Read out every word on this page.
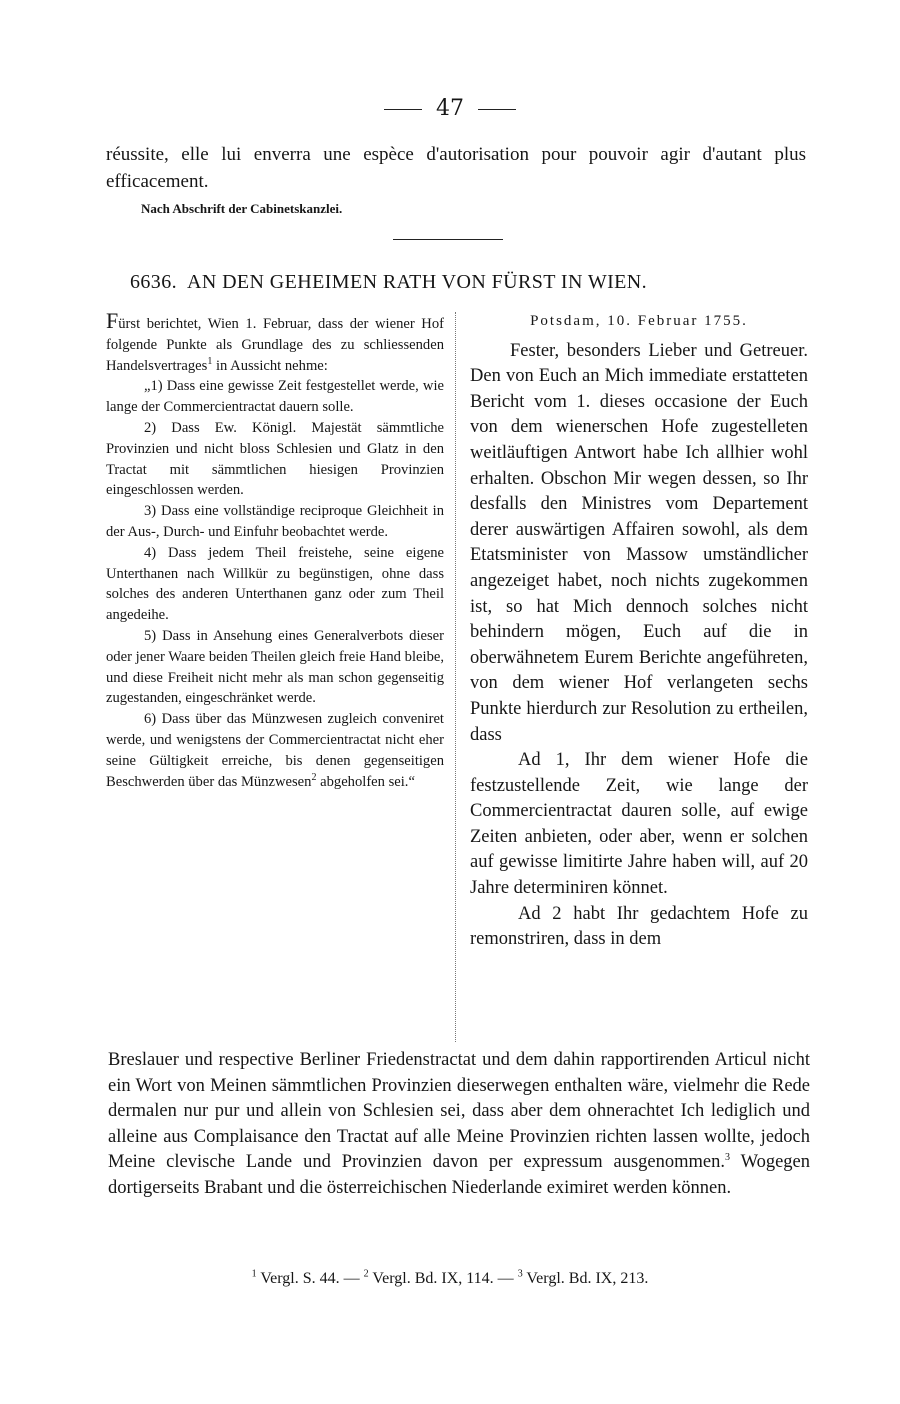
47
réussite, elle lui enverra une espèce d'autorisation pour pouvoir agir d'autant plus efficacement.
Nach Abschrift der Cabinetskanzlei.
6636. AN DEN GEHEIMEN RATH VON FÜRST IN WIEN.

Fürst berichtet, Wien 1. Februar, dass der wiener Hof folgende Punkte als Grundlage des zu schliessenden Handelsvertrages$^1$ in Aussicht nehme:

„1) Dass eine gewisse Zeit festgestellet werde, wie lange der Commercientractat dauern solle.

2) Dass Ew. Königl. Majestät sämmtliche Provinzien und nicht bloss Schlesien und Glatz in den Tractat mit sämmtlichen hiesigen Provinzien eingeschlossen werden.

3) Dass eine vollständige reciproque Gleichheit in der Aus-, Durch- und Einfuhr beobachtet werde.

4) Dass jedem Theil freistehe, seine eigene Unterthanen nach Willkür zu begünstigen, ohne dass solches des anderen Unterthanen ganz oder zum Theil angedeihe.

5) Dass in Ansehung eines Generalverbots dieser oder jener Waare beiden Theilen gleich freie Hand bleibe, und diese Freiheit nicht mehr als man schon gegenseitig zugestanden, eingeschränket werde.

6) Dass über das Münzwesen zugleich conveniret werde, und wenigstens der Commercientractat nicht eher seine Gültigkeit erreiche, bis denen gegenseitigen Beschwerden über das Münzwesen$^2$ abgeholfen sei.“

Potsdam, 10. Februar 1755.

Fester, besonders Lieber und Getreuer. Den von Euch an Mich immediate erstatteten Bericht vom 1. dieses occasione der Euch von dem wienerschen Hofe zugestelleten weitläuftigen Antwort habe Ich allhier wohl erhalten. Obschon Mir wegen dessen, so Ihr desfalls den Ministres vom Departement derer auswärtigen Affairen sowohl, als dem Etatsminister von Massow umständlicher angezeiget habet, noch nichts zugekommen ist, so hat Mich dennoch solches nicht behindern mögen, Euch auf die in oberwähnetem Eurem Berichte angeführeten, von dem wiener Hof verlangeten sechs Punkte hierdurch zur Resolution zu ertheilen, dass

Ad 1, Ihr dem wiener Hofe die festzustellende Zeit, wie lange der Commercientractat dauren solle, auf ewige Zeiten anbieten, oder aber, wenn er solchen auf gewisse limitirte Jahre haben will, auf 20 Jahre determiniren könnet.

Ad 2 habt Ihr gedachtem Hofe zu remonstriren, dass in dem

Breslauer und respective Berliner Friedenstractat und dem dahin rapportirenden Articul nicht ein Wort von Meinen sämmtlichen Provinzien dieserwegen enthalten wäre, vielmehr die Rede dermalen nur pur und allein von Schlesien sei, dass aber dem ohnerachtet Ich lediglich und alleine aus Complaisance den Tractat auf alle Meine Provinzien richten lassen wollte, jedoch Meine clevische Lande und Provinzien davon per expressum ausgenommen.$^3$ Wogegen dortigerseits Brabant und die österreichischen Niederlande eximiret werden können.
$^1$ Vergl. S. 44. — $^2$ Vergl. Bd. IX, 114. — $^3$ Vergl. Bd. IX, 213.
